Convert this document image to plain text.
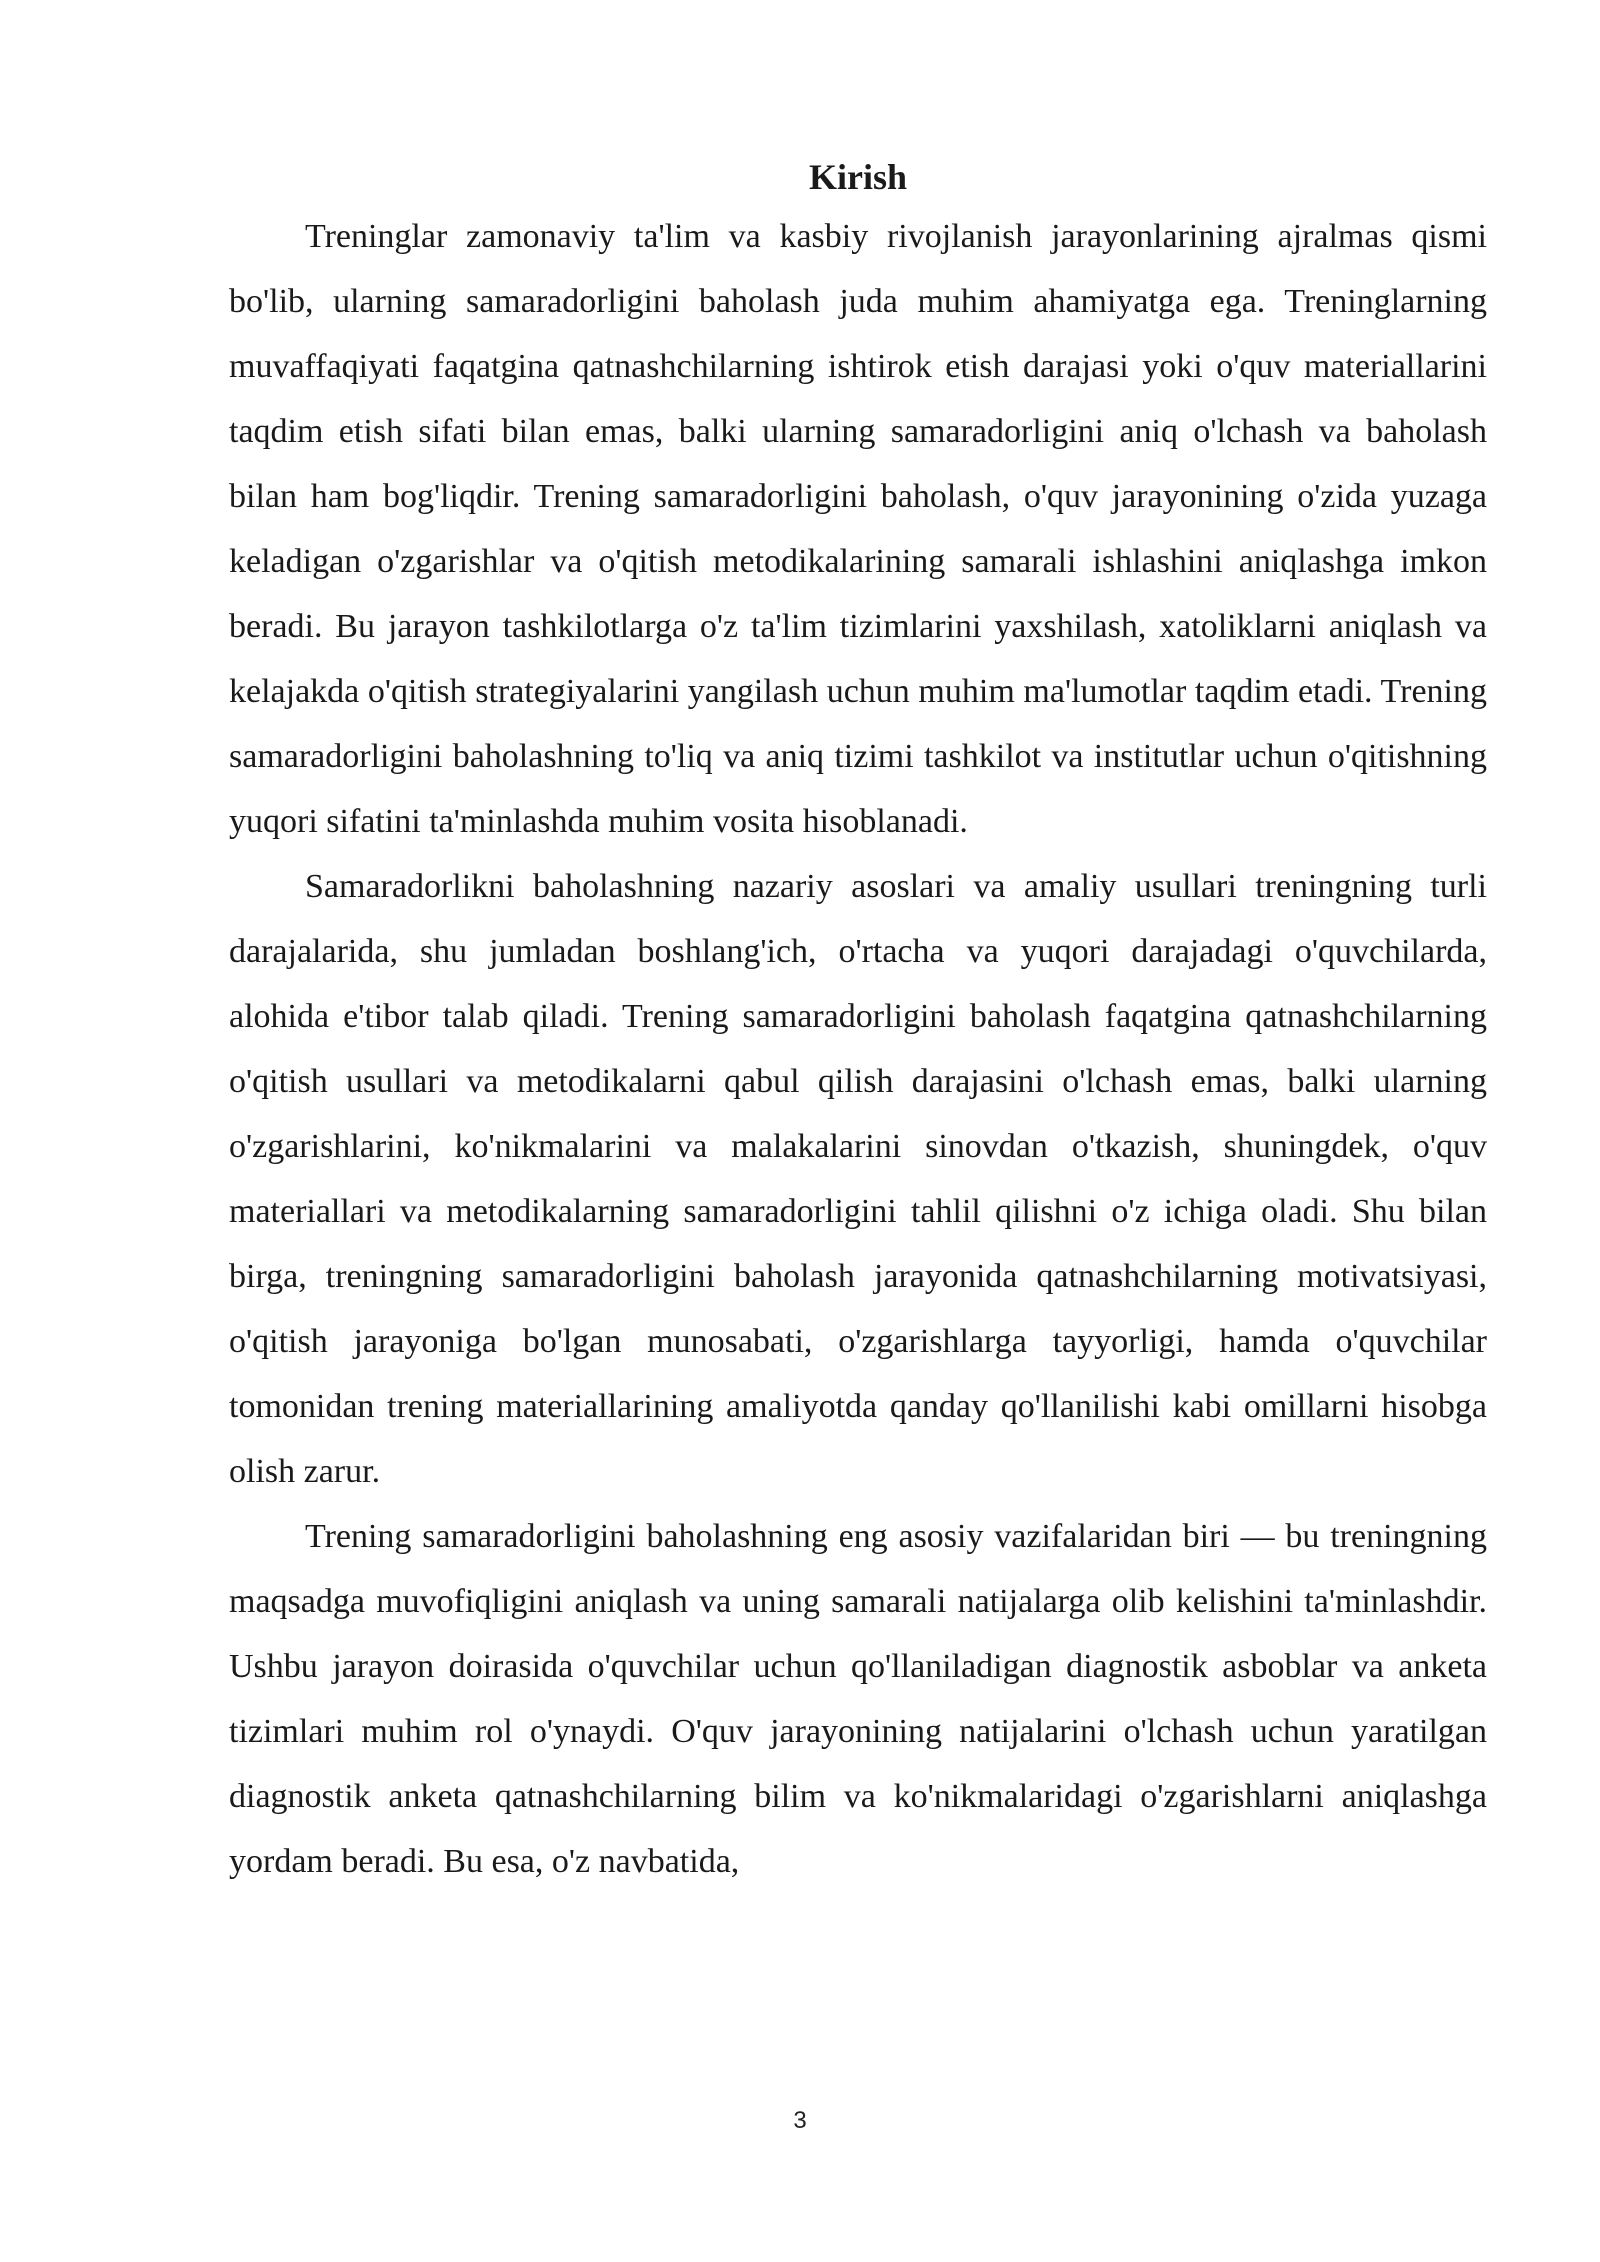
Kirish

Treninglar zamonaviy ta'lim va kasbiy rivojlanish jarayonlarining ajralmas qismi bo'lib, ularning samaradorligini baholash juda muhim ahamiyatga ega. Treninglarning muvaffaqiyati faqatgina qatnashchilarning ishtirok etish darajasi yoki o'quv materiallarini taqdim etish sifati bilan emas, balki ularning samaradorligini aniq o'lchash va baholash bilan ham bog'liqdir. Trening samaradorligini baholash, o'quv jarayonining o'zida yuzaga keladigan o'zgarishlar va o'qitish metodikalarining samarali ishlashini aniqlashga imkon beradi. Bu jarayon tashkilotlarga o'z ta'lim tizimlarini yaxshilash, xatoliklarni aniqlash va kelajakda o'qitish strategiyalarini yangilash uchun muhim ma'lumotlar taqdim etadi. Trening samaradorligini baholashning to'liq va aniq tizimi tashkilot va institutlar uchun o'qitishning yuqori sifatini ta'minlashda muhim vosita hisoblanadi.

Samaradorlikni baholashning nazariy asoslari va amaliy usullari treningning turli darajalarida, shu jumladan boshlang'ich, o'rtacha va yuqori darajadagi o'quvchilarda, alohida e'tibor talab qiladi. Trening samaradorligini baholash faqatgina qatnashchilarning o'qitish usullari va metodikalarni qabul qilish darajasini o'lchash emas, balki ularning o'zgarishlarini, ko'nikmalarini va malakalarini sinovdan o'tkazish, shuningdek, o'quv materiallari va metodikalarning samaradorligini tahlil qilishni o'z ichiga oladi. Shu bilan birga, treningning samaradorligini baholash jarayonida qatnashchilarning motivatsiyasi, o'qitish jarayoniga bo'lgan munosabati, o'zgarishlarga tayyorligi, hamda o'quvchilar tomonidan trening materiallarining amaliyotda qanday qo'llanilishi kabi omillarni hisobga olish zarur.

Trening samaradorligini baholashning eng asosiy vazifalaridan biri — bu treningning maqsadga muvofiqligini aniqlash va uning samarali natijalarga olib kelishini ta'minlashdir. Ushbu jarayon doirasida o'quvchilar uchun qo'llaniladigan diagnostik asboblar va anketa tizimlari muhim rol o'ynaydi. O'quv jarayonining natijalarini o'lchash uchun yaratilgan diagnostik anketa qatnashchilarning bilim va ko'nikmalaridagi o'zgarishlarni aniqlashga yordam beradi. Bu esa, o'z navbatida,

3
